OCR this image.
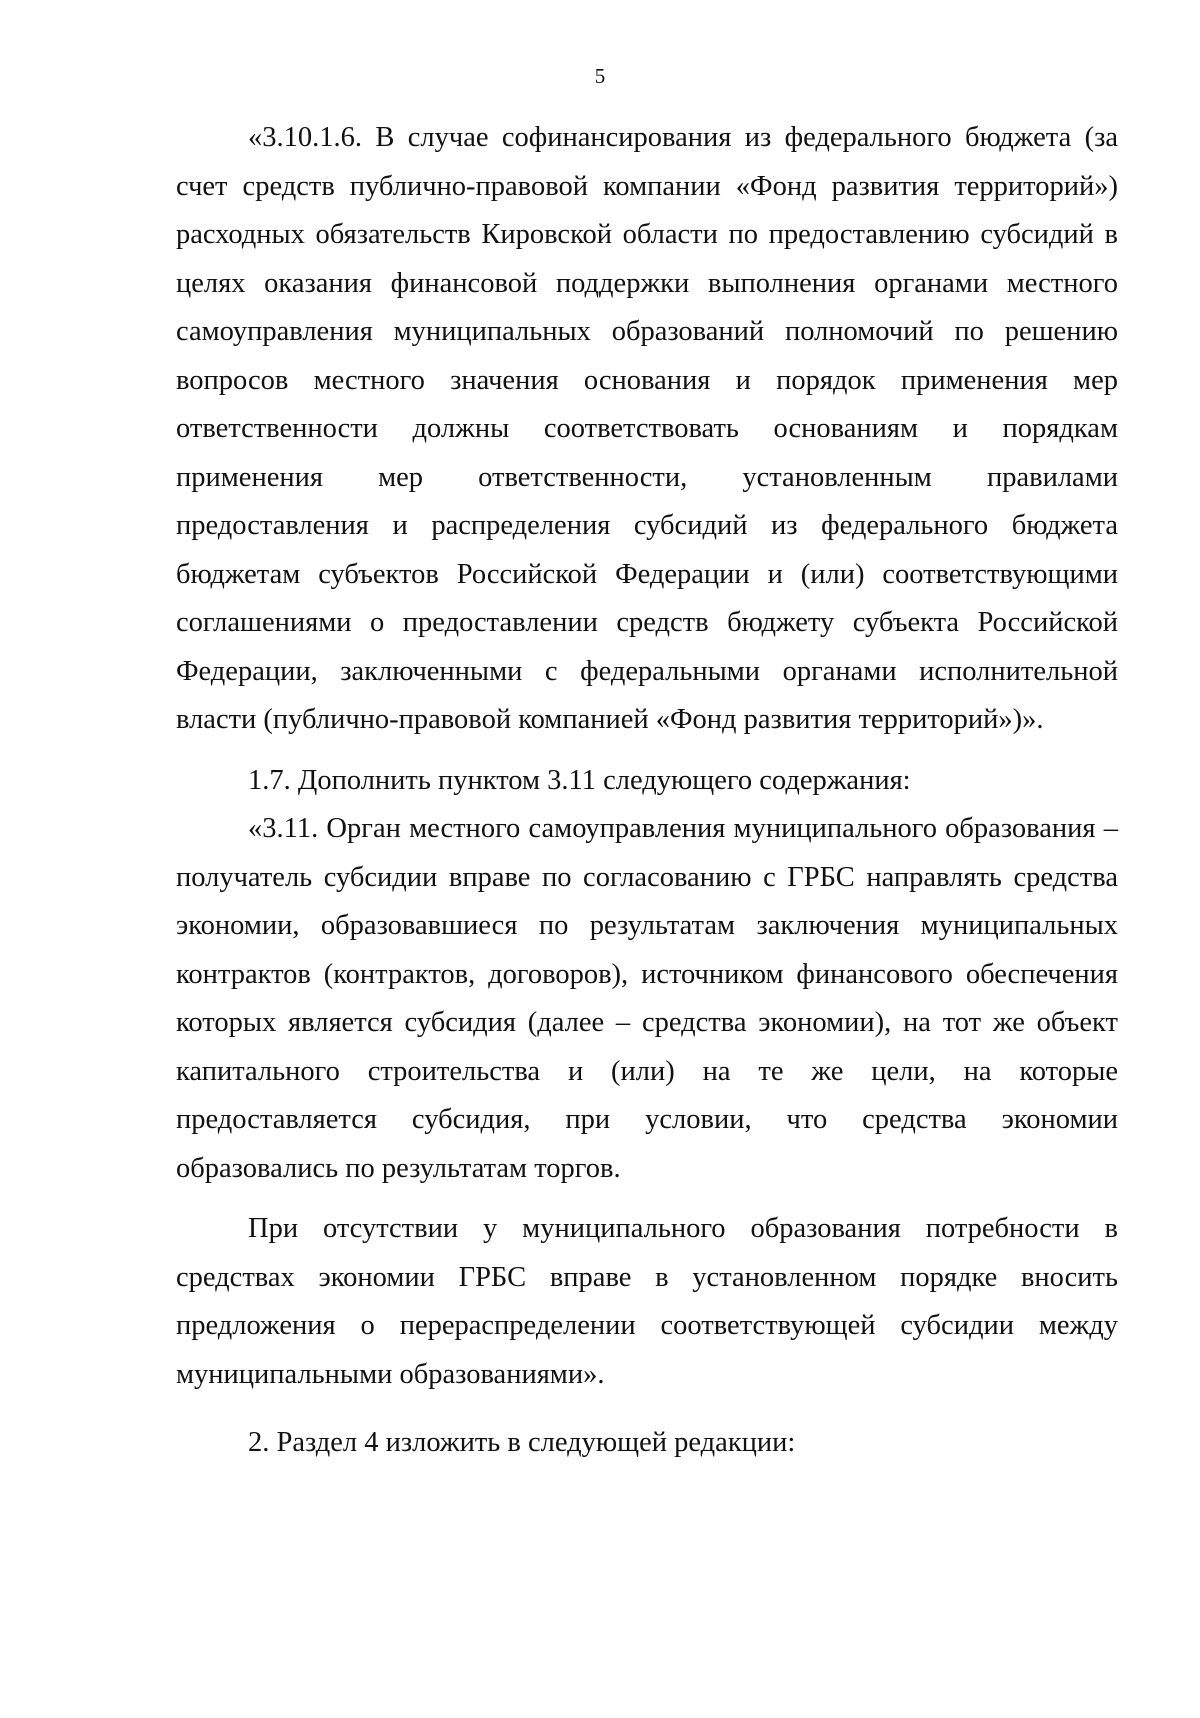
5

«3.10.1.6. В случае софинансирования из федерального бюджета (за счет средств публично-правовой компании «Фонд развития территорий») расходных обязательств Кировской области по предоставлению субсидий в целях оказания финансовой поддержки выполнения органами местного самоуправления муниципальных образований полномочий по решению вопросов местного значения основания и порядок применения мер ответственности должны соответствовать основаниям и порядкам применения мер ответственности, установленным правилами предоставления и распределения субсидий из федерального бюджета бюджетам субъектов Российской Федерации и (или) соответствующими соглашениями о предоставлении средств бюджету субъекта Российской Федерации, заключенными с федеральными органами исполнительной власти (публично-правовой компанией «Фонд развития территорий»)».

1.7. Дополнить пунктом 3.11 следующего содержания:

«3.11. Орган местного самоуправления муниципального образования – получатель субсидии вправе по согласованию с ГРБС направлять средства экономии, образовавшиеся по результатам заключения муниципальных контрактов (контрактов, договоров), источником финансового обеспечения которых является субсидия (далее – средства экономии), на тот же объект капитального строительства и (или) на те же цели, на которые предоставляется субсидия, при условии, что средства экономии образовались по результатам торгов.

При отсутствии у муниципального образования потребности в средствах экономии ГРБС вправе в установленном порядке вносить предложения о перераспределении соответствующей субсидии между муниципальными образованиями».

2. Раздел 4 изложить в следующей редакции:
